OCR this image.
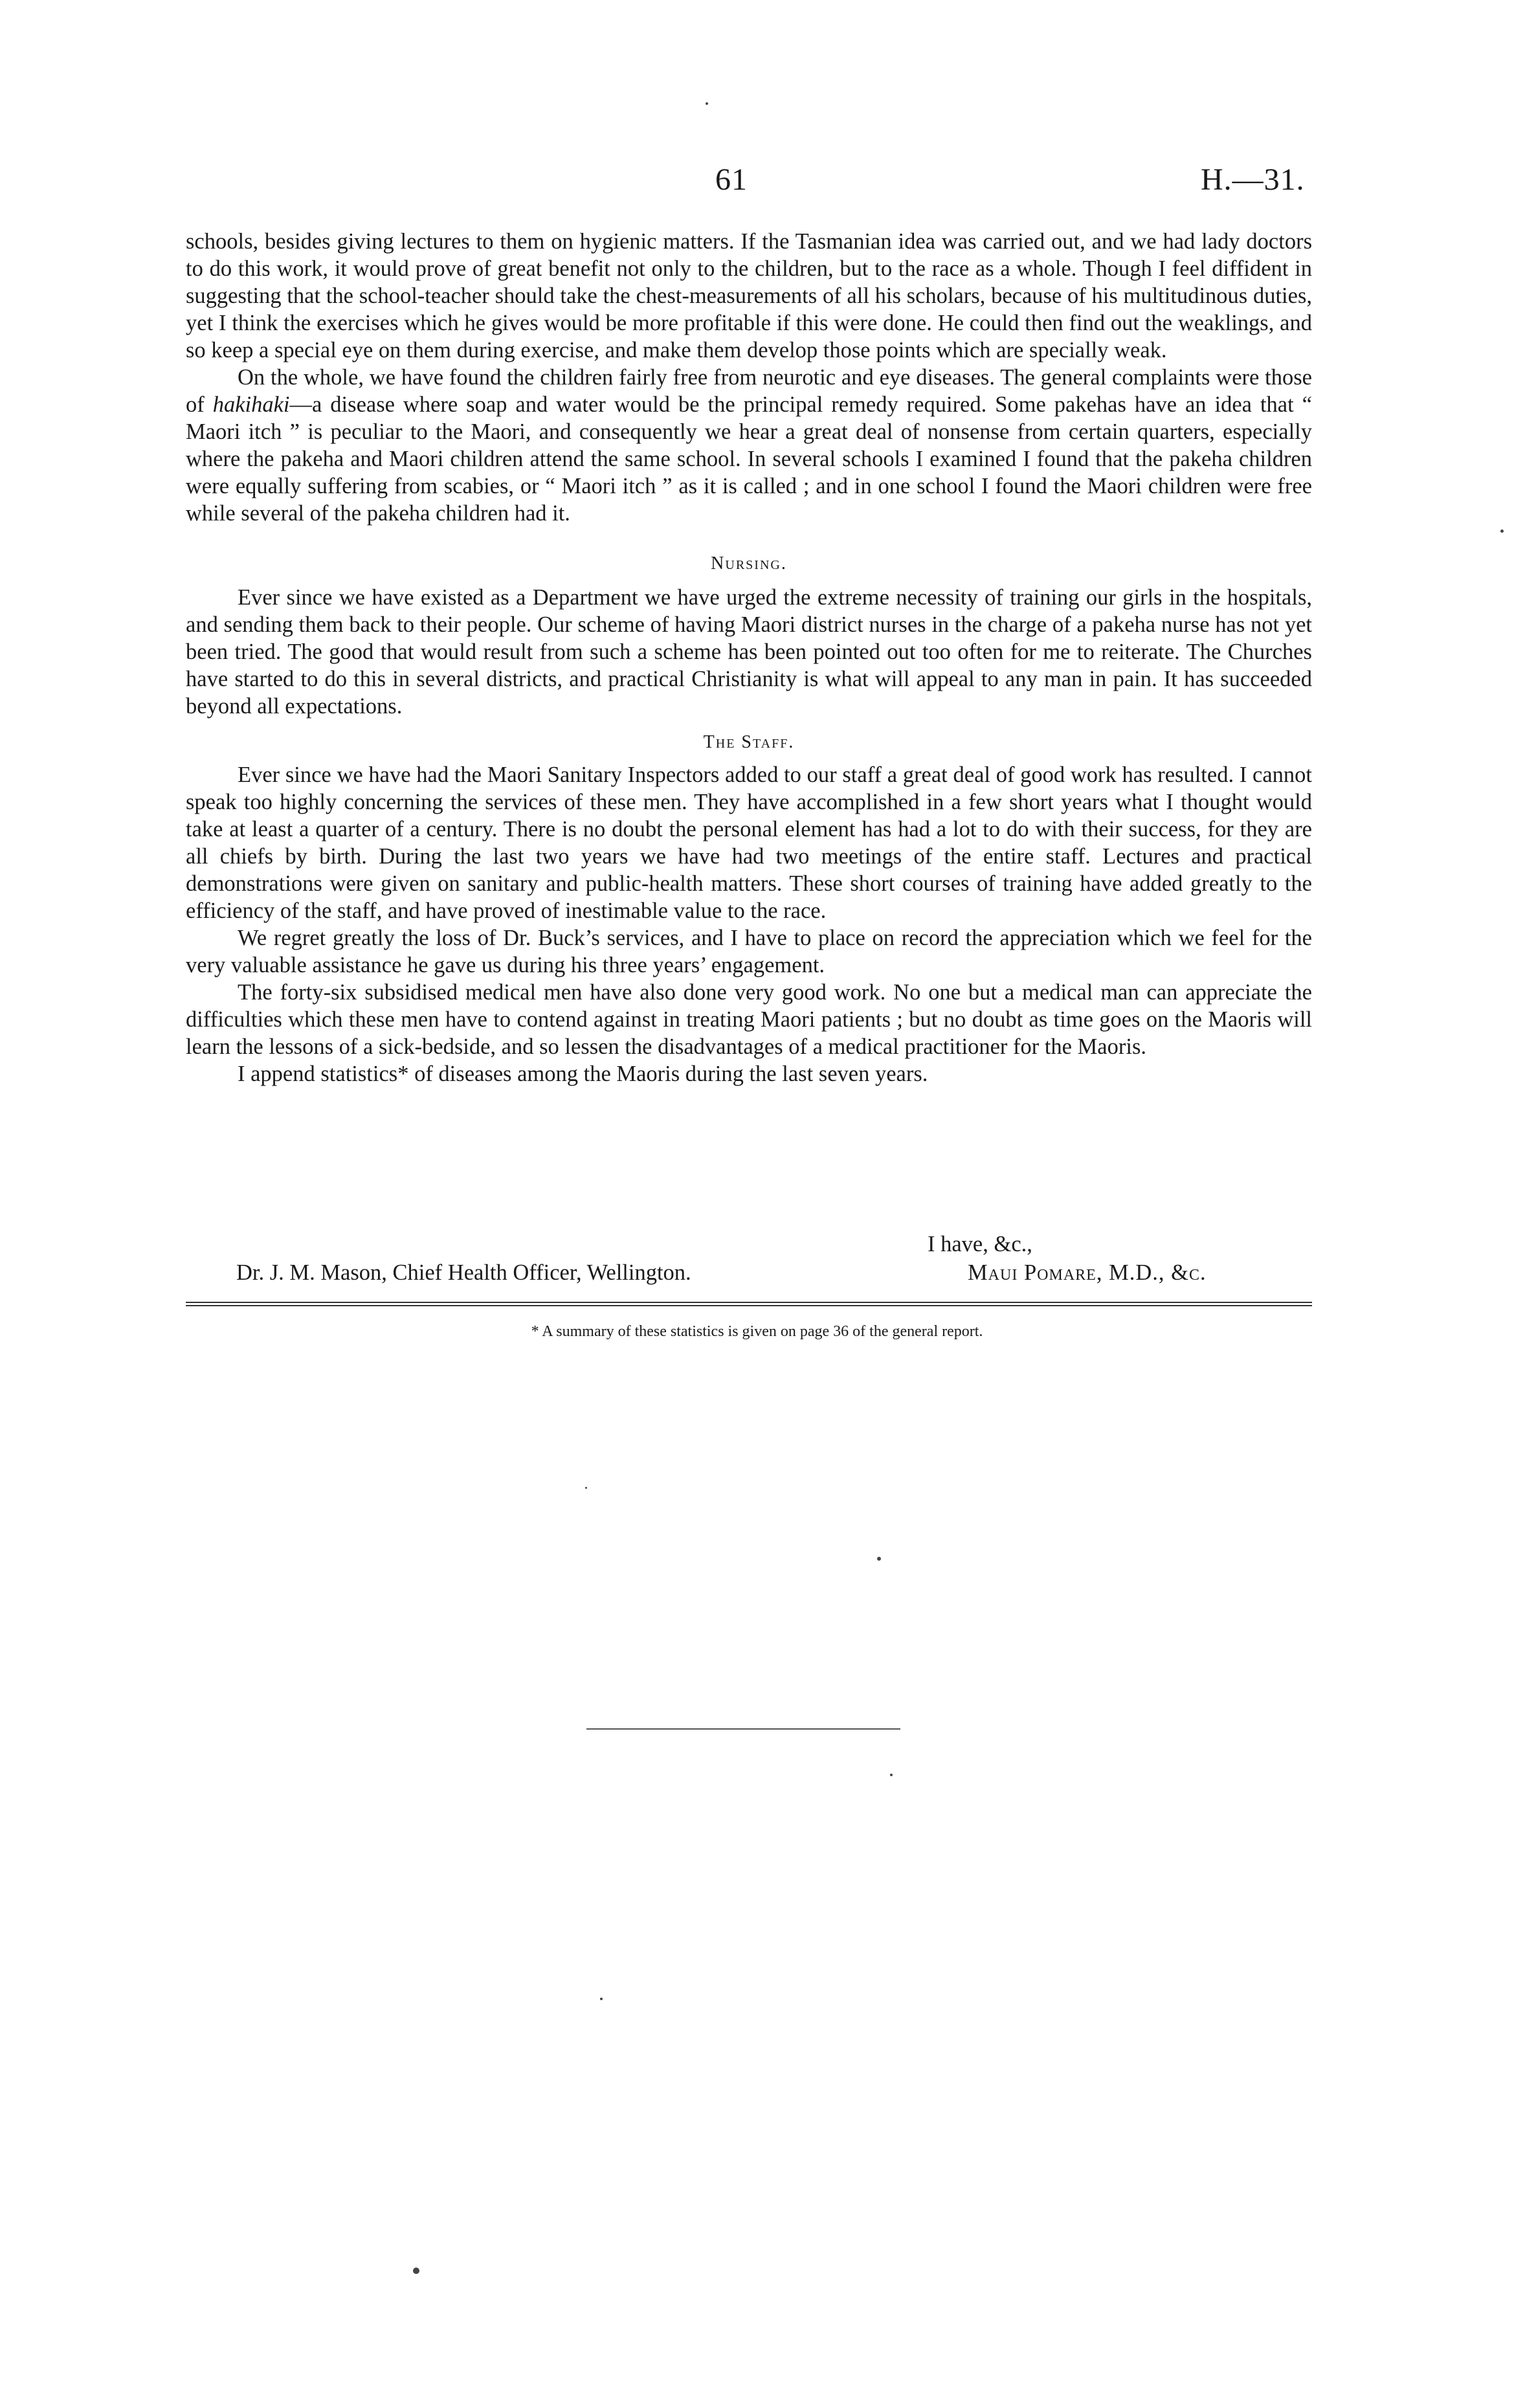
61	H.—31.

schools, besides giving lectures to them on hygienic matters. If the Tasmanian idea was carried out, and we had lady doctors to do this work, it would prove of great benefit not only to the children, but to the race as a whole. Though I feel diffident in suggesting that the school-teacher should take the chest-measurements of all his scholars, because of his multitudinous duties, yet I think the exercises which he gives would be more profitable if this were done. He could then find out the weaklings, and so keep a special eye on them during exercise, and make them develop those points which are specially weak.

On the whole, we have found the children fairly free from neurotic and eye diseases. The general complaints were those of hakihaki—a disease where soap and water would be the principal remedy required. Some pakehas have an idea that “ Maori itch ” is peculiar to the Maori, and consequently we hear a great deal of nonsense from certain quarters, especially where the pakeha and Maori children attend the same school. In several schools I examined I found that the pakeha children were equally suffering from scabies, or “ Maori itch ” as it is called ; and in one school I found the Maori children were free while several of the pakeha children had it.

Nursing.

Ever since we have existed as a Department we have urged the extreme necessity of training our girls in the hospitals, and sending them back to their people. Our scheme of having Maori district nurses in the charge of a pakeha nurse has not yet been tried. The good that would result from such a scheme has been pointed out too often for me to reiterate. The Churches have started to do this in several districts, and practical Christianity is what will appeal to any man in pain. It has succeeded beyond all expectations.

The Staff.

Ever since we have had the Maori Sanitary Inspectors added to our staff a great deal of good work has resulted. I cannot speak too highly concerning the services of these men. They have accomplished in a few short years what I thought would take at least a quarter of a century. There is no doubt the personal element has had a lot to do with their success, for they are all chiefs by birth. During the last two years we have had two meetings of the entire staff. Lectures and practical demonstrations were given on sanitary and public-health matters. These short courses of training have added greatly to the efficiency of the staff, and have proved of inestimable value to the race.

We regret greatly the loss of Dr. Buck’s services, and I have to place on record the appreciation which we feel for the very valuable assistance he gave us during his three years’ engagement.

The forty-six subsidised medical men have also done very good work. No one but a medical man can appreciate the difficulties which these men have to contend against in treating Maori patients ; but no doubt as time goes on the Maoris will learn the lessons of a sick-bedside, and so lessen the disadvantages of a medical practitioner for the Maoris.

I append statistics* of diseases among the Maoris during the last seven years.

I have, &c.,
Dr. J. M. Mason, Chief Health Officer, Wellington.	Maui Pomare, M.D., &c.
* A summary of these statistics is given on page 36 of the general report.
